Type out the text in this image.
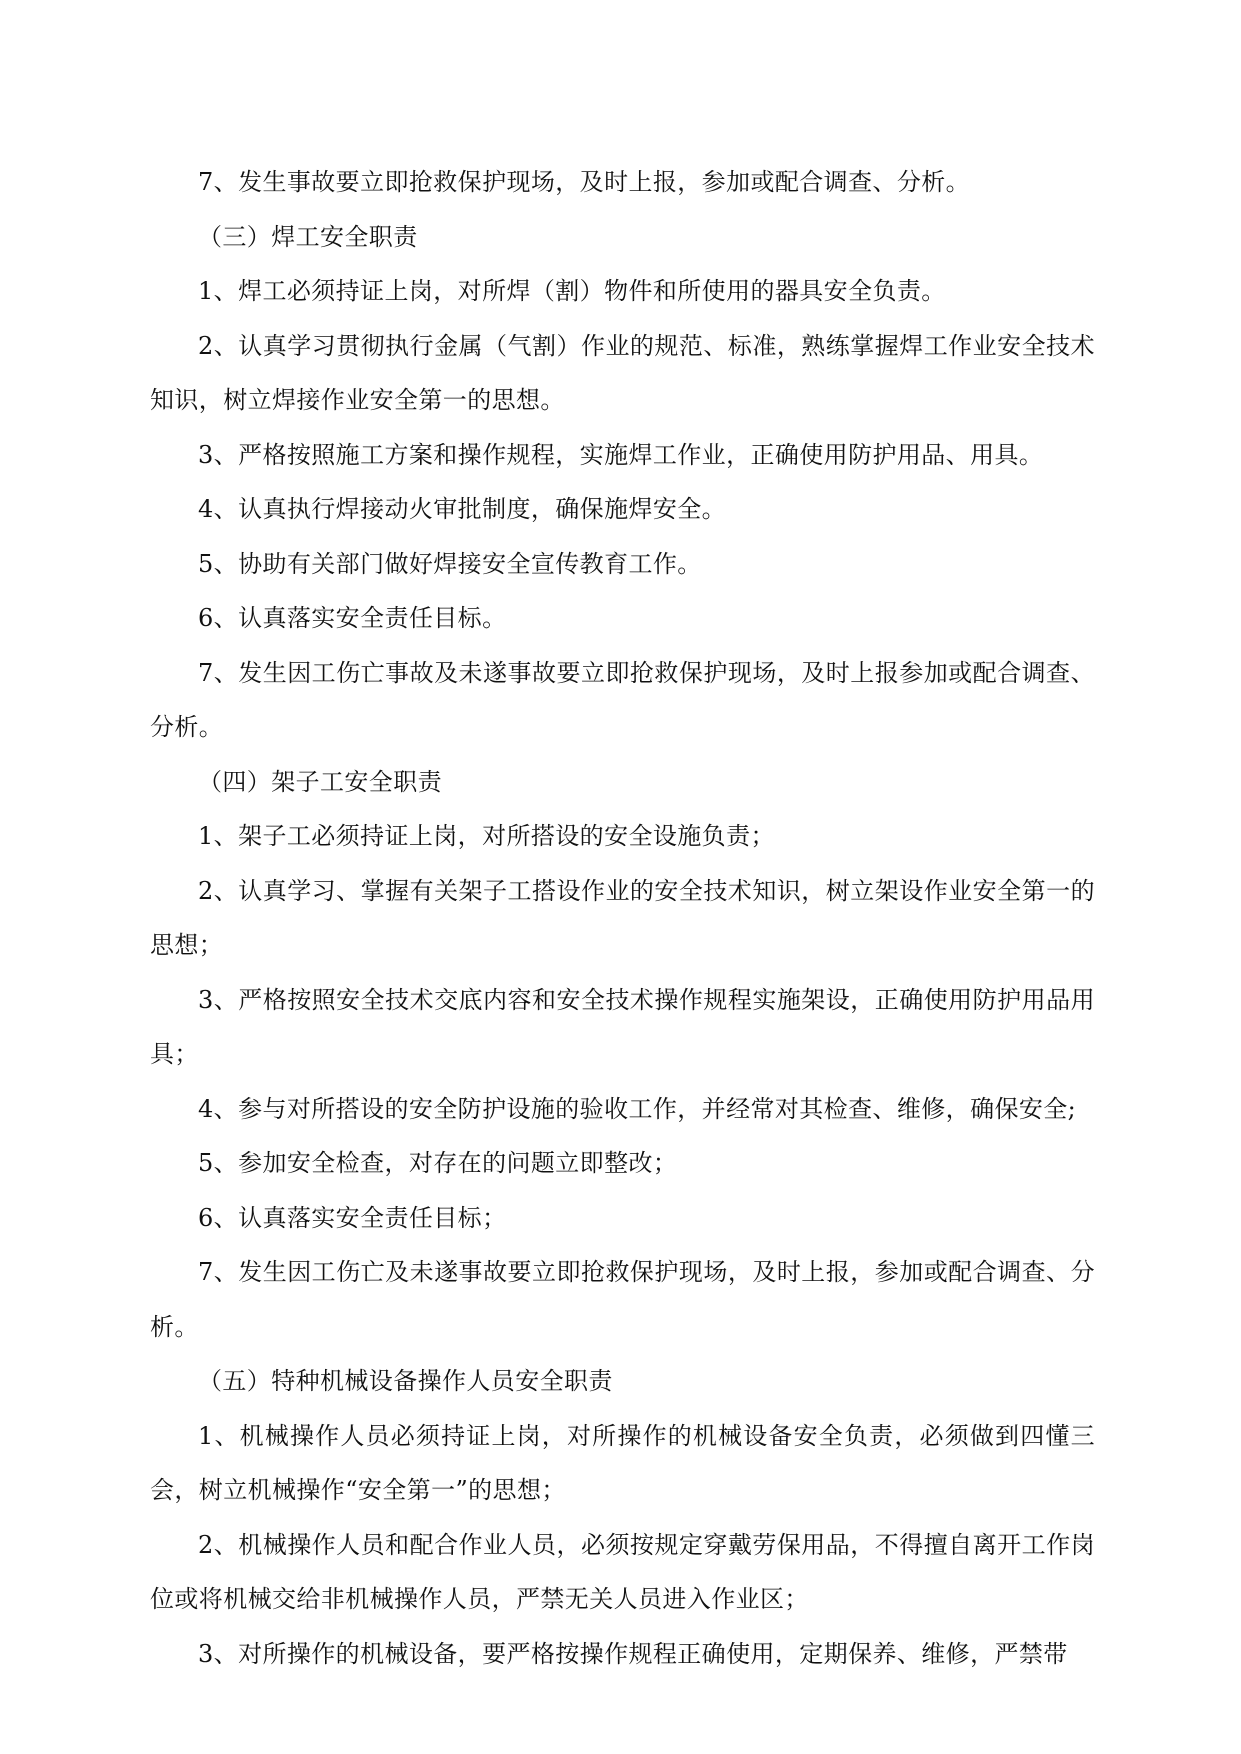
7、发生事故要立即抢救保护现场，及时上报，参加或配合调查、分析。

（三）焊工安全职责

1、焊工必须持证上岗，对所焊（割）物件和所使用的器具安全负责。

2、认真学习贯彻执行金属（气割）作业的规范、标准，熟练掌握焊工作业安全技术知识，树立焊接作业安全第一的思想。

3、严格按照施工方案和操作规程，实施焊工作业，正确使用防护用品、用具。

4、认真执行焊接动火审批制度，确保施焊安全。

5、协助有关部门做好焊接安全宣传教育工作。

6、认真落实安全责任目标。

7、发生因工伤亡事故及未遂事故要立即抢救保护现场，及时上报参加或配合调查、分析。

（四）架子工安全职责

1、架子工必须持证上岗，对所搭设的安全设施负责；

2、认真学习、掌握有关架子工搭设作业的安全技术知识，树立架设作业安全第一的思想；

3、严格按照安全技术交底内容和安全技术操作规程实施架设，正确使用防护用品用具；

4、参与对所搭设的安全防护设施的验收工作，并经常对其检查、维修，确保安全;

5、参加安全检查，对存在的问题立即整改；

6、认真落实安全责任目标；

7、发生因工伤亡及未遂事故要立即抢救保护现场，及时上报，参加或配合调查、分析。

（五）特种机械设备操作人员安全职责

1、机械操作人员必须持证上岗，对所操作的机械设备安全负责，必须做到四懂三会，树立机械操作“安全第一”的思想；

2、机械操作人员和配合作业人员，必须按规定穿戴劳保用品，不得擅自离开工作岗位或将机械交给非机械操作人员，严禁无关人员进入作业区；

3、对所操作的机械设备，要严格按操作规程正确使用，定期保养、维修，严禁带
